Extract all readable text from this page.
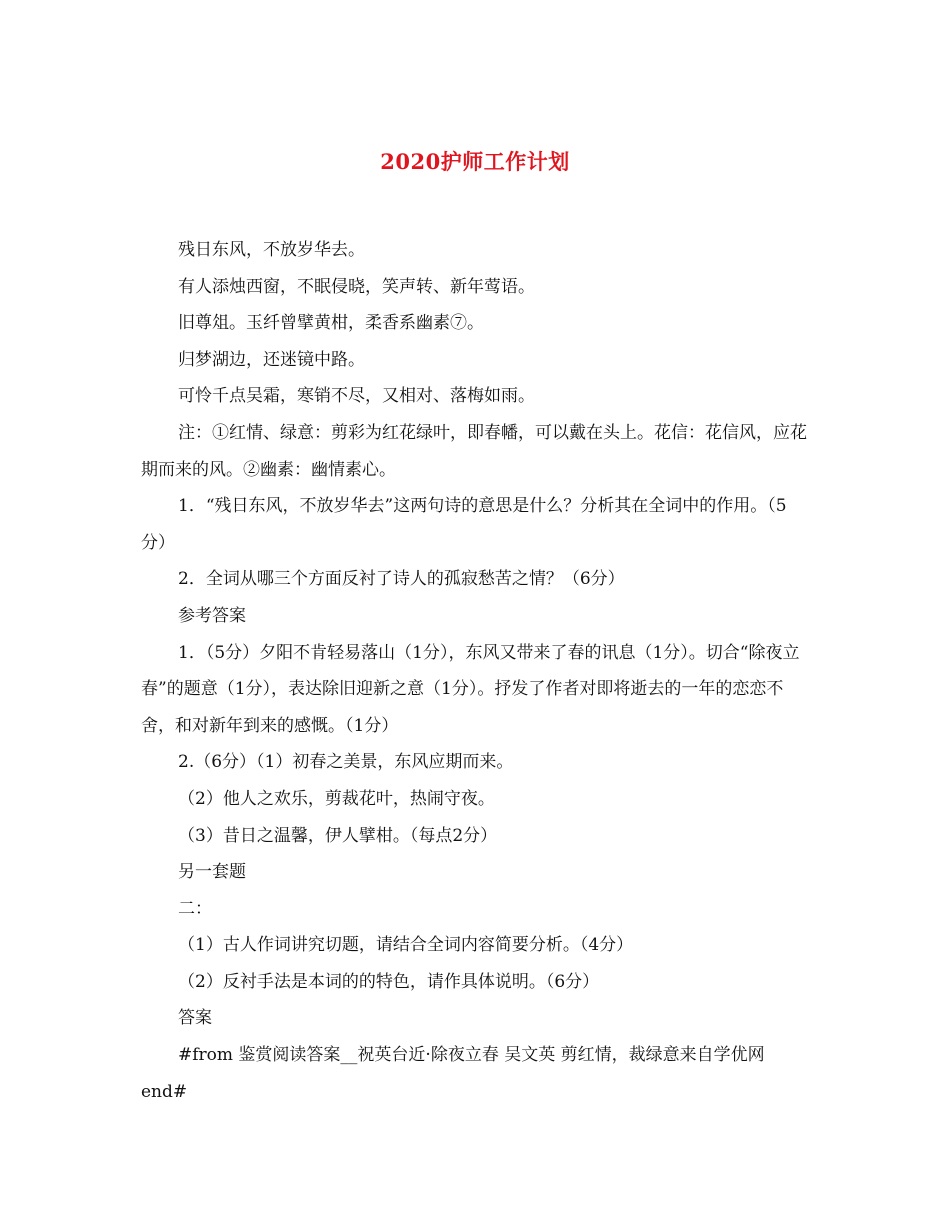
2020护师工作计划

残日东风，不放岁华去。

有人添烛西窗，不眠侵晓，笑声转、新年莺语。

旧尊俎。玉纤曾擘黄柑，柔香系幽素⑦。

归梦湖边，还迷镜中路。

可怜千点吴霜，寒销不尽，又相对、落梅如雨。

注：①红情、绿意：剪彩为红花绿叶，即春幡，可以戴在头上。花信：花信风，应花期而来的风。②幽素：幽情素心。

1．“残日东风，不放岁华去”这两句诗的意思是什么？分析其在全词中的作用。（5分）

2．全词从哪三个方面反衬了诗人的孤寂愁苦之情？（6分）

参考答案

1．（5分）夕阳不肯轻易落山（1分），东风又带来了春的讯息（1分）。切合“除夜立春”的题意（1分），表达除旧迎新之意（1分）。抒发了作者对即将逝去的一年的恋恋不舍，和对新年到来的感慨。（1分）

2.（6分）（1）初春之美景，东风应期而来。

（2）他人之欢乐，剪裁花叶，热闹守夜。

（3）昔日之温馨，伊人擘柑。（每点2分）

另一套题

二：

（1）古人作词讲究切题，请结合全词内容简要分析。（4分）

（2）反衬手法是本词的的特色，请作具体说明。（6分）

答案

#from 鉴赏阅读答案__祝英台近·除夜立春 吴文英 剪红情，裁绿意来自学优网 end#
